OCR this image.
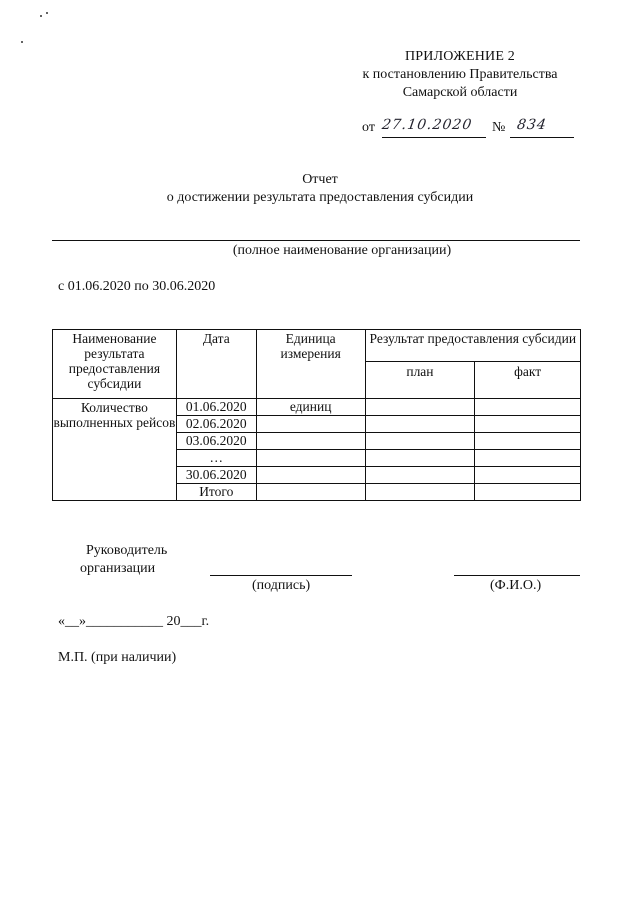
ПРИЛОЖЕНИЕ 2
к постановлению Правительства
Самарской области
от 27.10.2020 № 834
Отчет
о достижении результата предоставления субсидии
(полное наименование организации)
с 01.06.2020 по 30.06.2020
Наименование результата предоставления субсидии	Дата	Единица измерения	Результат предоставления субсидии	
			план	факт
Количество выполненных рейсов	01.06.2020	единиц		
	02.06.2020			
	03.06.2020			
	…			
	30.06.2020			
	Итого			
Руководитель
организации
(подпись)	(Ф.И.О.)
«__»___________ 20___г.
М.П. (при наличии)
